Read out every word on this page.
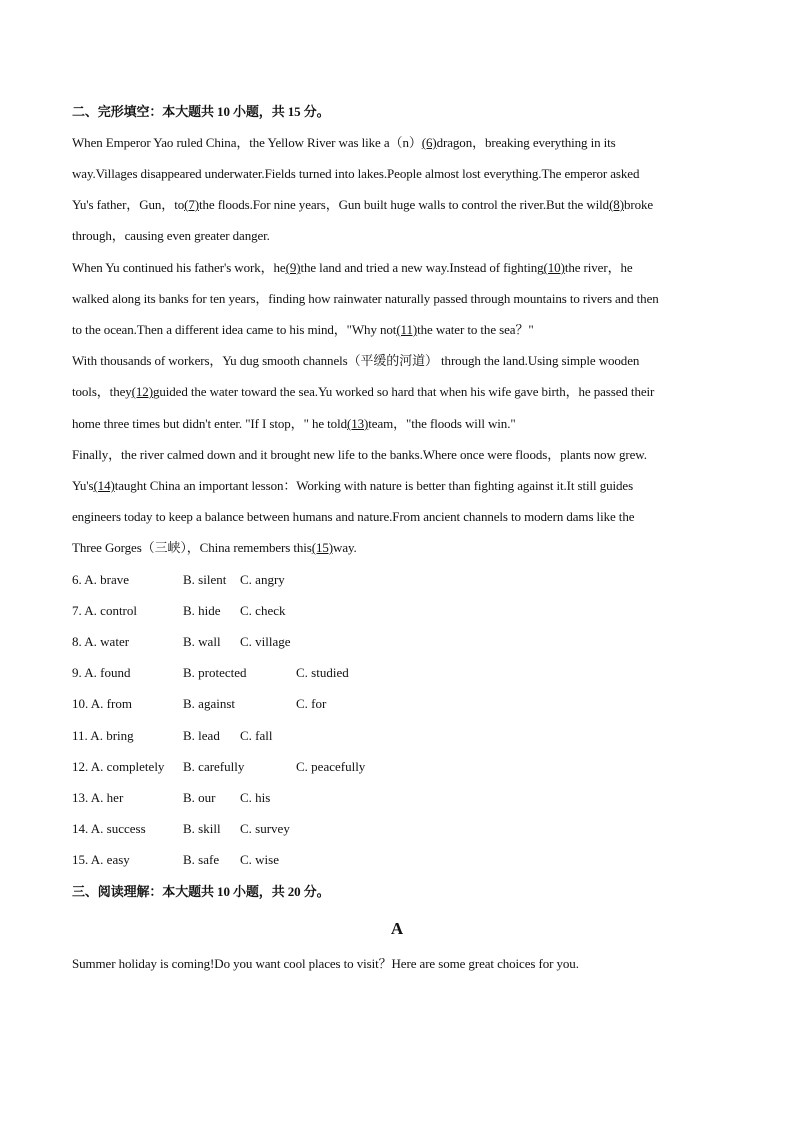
二、完形填空：本大题共 10 小题，共 15 分。
When Emperor Yao ruled China，the Yellow River was like a（n）(6)dragon，breaking everything in its
way.Villages disappeared underwater.Fields turned into lakes.People almost lost everything.The emperor asked
Yu's father，Gun，to(7)the floods.For nine years，Gun built huge walls to control the river.But the wild(8)broke
through，causing even greater danger.
When Yu continued his father's work，he(9)the land and tried a new way.Instead of fighting(10)the river，he
walked along its banks for ten years，finding how rainwater naturally passed through mountains to rivers and then
to the ocean.Then a different idea came to his mind，"Why not(11)the water to the sea？"
With thousands of workers，Yu dug smooth channels（平缓的河道） through the land.Using simple wooden
tools，they(12)guided the water toward the sea.Yu worked so hard that when his wife gave birth，he passed their
home three times but didn't enter. "If I stop，" he told(13)team，"the floods will win."
Finally，the river calmed down and it brought new life to the banks.Where once were floods，plants now grew.
Yu's(14)taught China an important lesson：Working with nature is better than fighting against it.It still guides
engineers today to keep a balance between humans and nature.From ancient channels to modern dams like the
Three Gorges（三峡），China remembers this(15)way.
6. A. brave	B. silent C. angry
7. A. control	B. hide C. check
8. A. water	B. wall C. village
9. A. found	B. protected	C. studied
10. A. from	B. against	C. for
11. A. bring	B. lead C. fall
12. A. completely B. carefully	C. peacefully
13. A. her	B. our C. his
14. A. success	B. skill C. survey
15. A. easy	B. safe C. wise
三、阅读理解：本大题共 10 小题，共 20 分。
A
Summer holiday is coming!Do you want cool places to visit？Here are some great choices for you.
